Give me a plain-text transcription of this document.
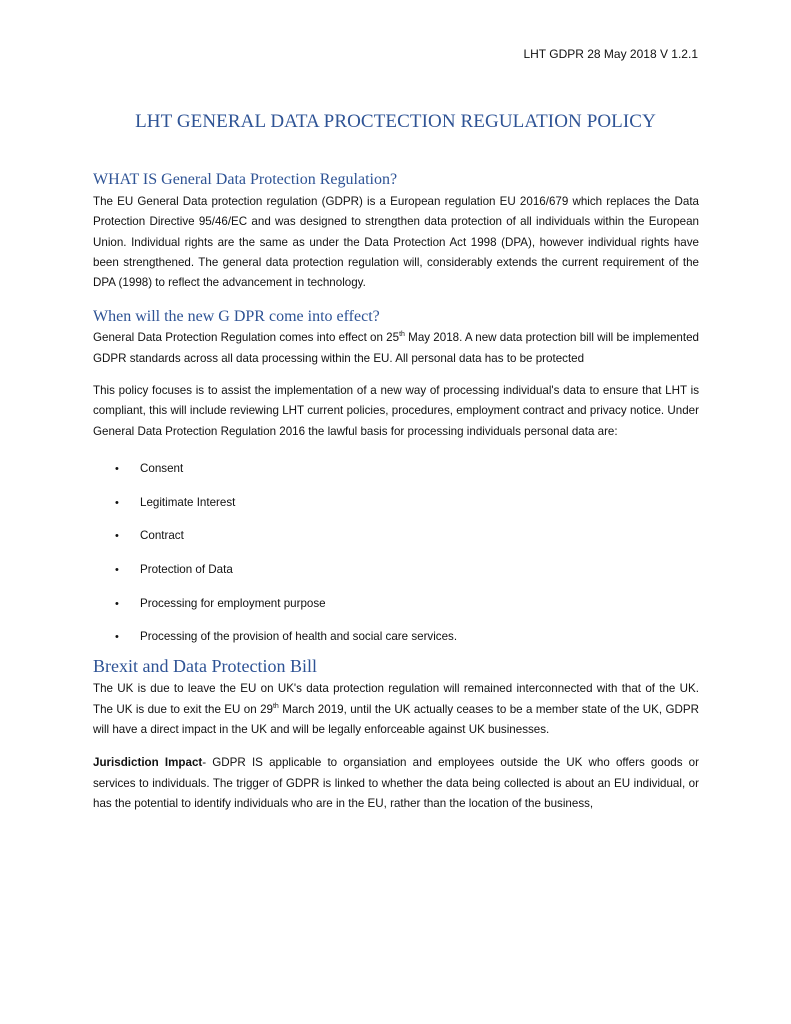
LHT GDPR 28 May 2018 V 1.2.1
LHT GENERAL DATA PROCTECTION REGULATION POLICY
WHAT IS General Data Protection Regulation?

The EU General Data protection regulation (GDPR) is a European regulation EU 2016/679 which replaces the Data Protection Directive 95/46/EC and was designed to strengthen data protection of all individuals within the European Union. Individual rights are the same as under the Data Protection Act 1998 (DPA), however individual rights have been strengthened. The general data protection regulation will, considerably extends the current requirement of the DPA (1998) to reflect the advancement in technology.

When will the new G DPR come into effect?

General Data Protection Regulation comes into effect on 25th May 2018. A new data protection bill will be implemented GDPR standards across all data processing within the EU. All personal data has to be protected

This policy focuses is to assist the implementation of a new way of processing individual's data to ensure that LHT is compliant, this will include reviewing LHT current policies, procedures, employment contract and privacy notice. Under General Data Protection Regulation 2016 the lawful basis for processing individuals personal data are:

• Consent
• Legitimate Interest
• Contract
• Protection of Data
• Processing for employment purpose
• Processing of the provision of health and social care services.
Brexit and Data Protection Bill

The UK is due to leave the EU on UK's data protection regulation will remained interconnected with that of the UK. The UK is due to exit the EU on 29th March 2019, until the UK actually ceases to be a member state of the UK, GDPR will have a direct impact in the UK and will be legally enforceable against UK businesses.

Jurisdiction Impact- GDPR IS applicable to organsiation and employees outside the UK who offers goods or services to individuals. The trigger of GDPR is linked to whether the data being collected is about an EU individual, or has the potential to identify individuals who are in the EU, rather than the location of the business,
